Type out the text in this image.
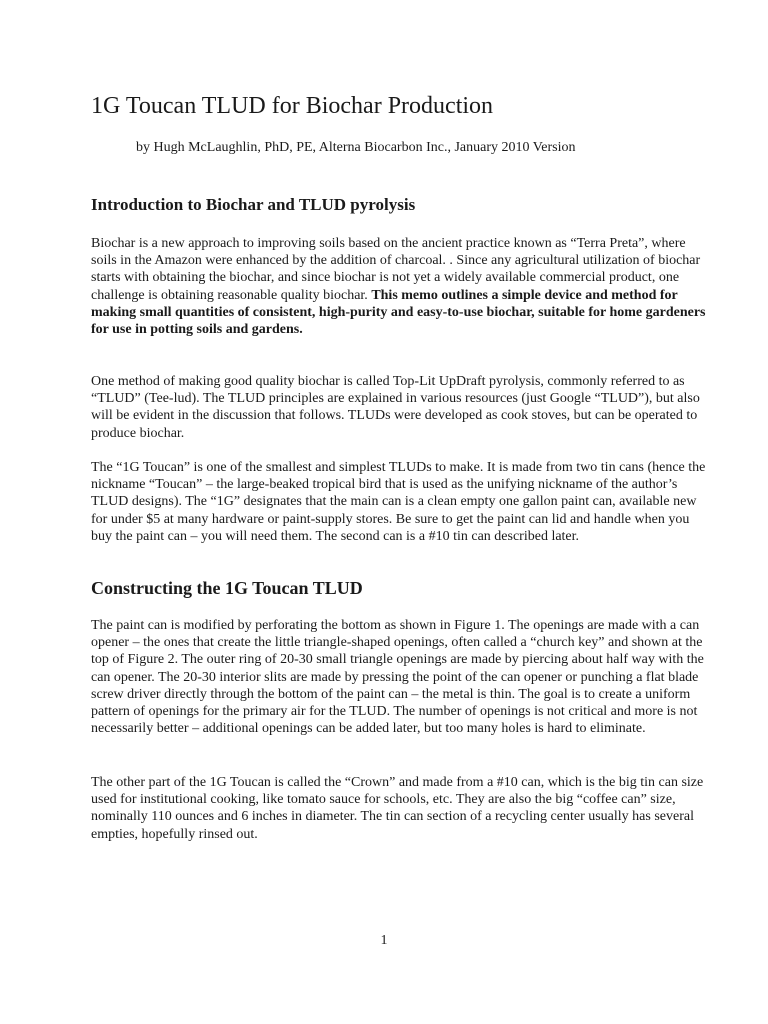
1G Toucan TLUD for Biochar Production

by Hugh McLaughlin, PhD, PE, Alterna Biocarbon Inc., January 2010 Version

Introduction to Biochar and TLUD pyrolysis

Biochar is a new approach to improving soils based on the ancient practice known as “Terra Preta”, where soils in the Amazon were enhanced by the addition of charcoal. . Since any agricultural utilization of biochar starts with obtaining the biochar, and since biochar is not yet a widely available commercial product, one challenge is obtaining reasonable quality biochar. This memo outlines a simple device and method for making small quantities of consistent, high-purity and easy-to-use biochar, suitable for home gardeners for use in potting soils and gardens.

One method of making good quality biochar is called Top-Lit UpDraft pyrolysis, commonly referred to as “TLUD” (Tee-lud). The TLUD principles are explained in various resources (just Google “TLUD”), but also will be evident in the discussion that follows. TLUDs were developed as cook stoves, but can be operated to produce biochar.

The “1G Toucan” is one of the smallest and simplest TLUDs to make. It is made from two tin cans (hence the nickname “Toucan” – the large-beaked tropical bird that is used as the unifying nickname of the author’s TLUD designs). The “1G” designates that the main can is a clean empty one gallon paint can, available new for under $5 at many hardware or paint-supply stores. Be sure to get the paint can lid and handle when you buy the paint can – you will need them. The second can is a #10 tin can described later.

Constructing the 1G Toucan TLUD

The paint can is modified by perforating the bottom as shown in Figure 1. The openings are made with a can opener – the ones that create the little triangle-shaped openings, often called a “church key” and shown at the top of Figure 2. The outer ring of 20-30 small triangle openings are made by piercing about half way with the can opener. The 20-30 interior slits are made by pressing the point of the can opener or punching a flat blade screw driver directly through the bottom of the paint can – the metal is thin. The goal is to create a uniform pattern of openings for the primary air for the TLUD. The number of openings is not critical and more is not necessarily better – additional openings can be added later, but too many holes is hard to eliminate.

The other part of the 1G Toucan is called the “Crown” and made from a #10 can, which is the big tin can size used for institutional cooking, like tomato sauce for schools, etc. They are also the big “coffee can” size, nominally 110 ounces and 6 inches in diameter. The tin can section of a recycling center usually has several empties, hopefully rinsed out.

1
